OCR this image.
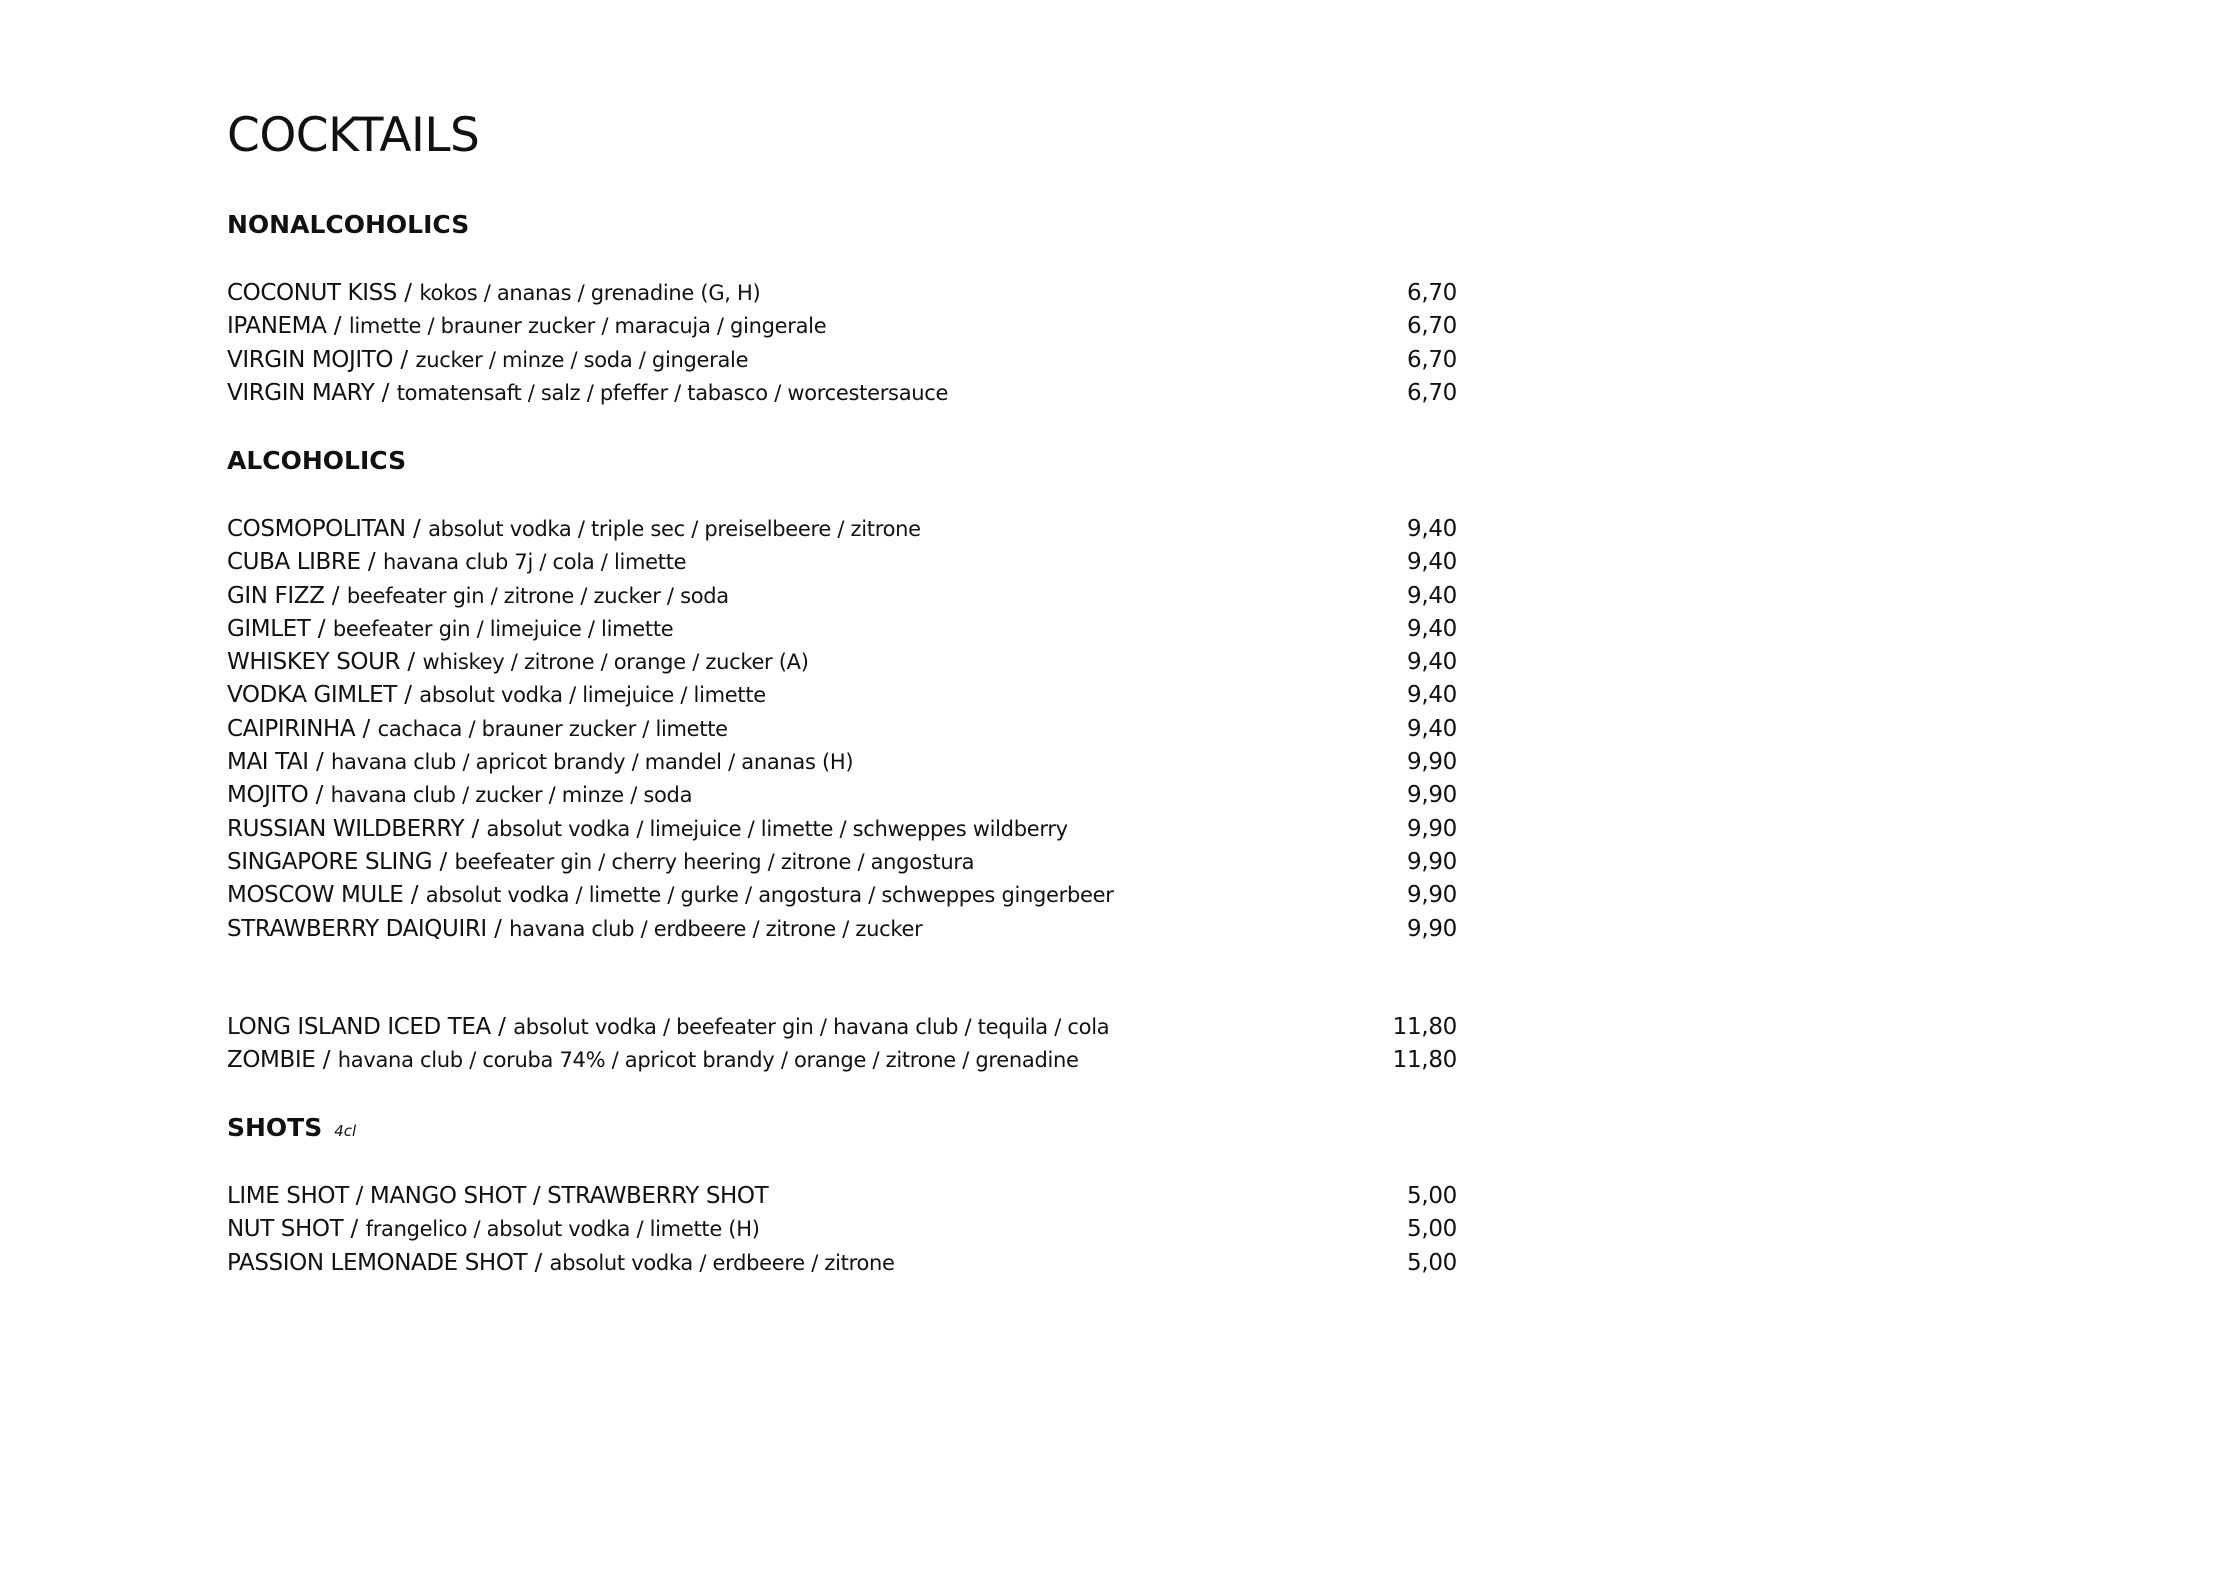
COCKTAILS
NONALCOHOLICS
COCONUT KISS / kokos / ananas / grenadine (G, H)	6,70
IPANEMA / limette / brauner zucker / maracuja / gingerale	6,70
VIRGIN MOJITO / zucker / minze / soda / gingerale	6,70
VIRGIN MARY / tomatensaft / salz / pfeffer / tabasco / worcestersauce	6,70
ALCOHOLICS
COSMOPOLITAN / absolut vodka / triple sec / preiselbeere / zitrone	9,40
CUBA LIBRE / havana club 7j / cola / limette	9,40
GIN FIZZ / beefeater gin / zitrone / zucker / soda	9,40
GIMLET / beefeater gin / limejuice / limette	9,40
WHISKEY SOUR / whiskey / zitrone / orange / zucker (A)	9,40
VODKA GIMLET / absolut vodka / limejuice / limette	9,40
CAIPIRINHA / cachaca / brauner zucker / limette	9,40
MAI TAI / havana club / apricot brandy / mandel / ananas (H)	9,90
MOJITO / havana club / zucker / minze / soda	9,90
RUSSIAN WILDBERRY / absolut vodka / limejuice / limette / schweppes wildberry	9,90
SINGAPORE SLING / beefeater gin / cherry heering / zitrone / angostura	9,90
MOSCOW MULE / absolut vodka / limette / gurke / angostura / schweppes gingerbeer	9,90
STRAWBERRY DAIQUIRI / havana club / erdbeere / zitrone / zucker	9,90
LONG ISLAND ICED TEA / absolut vodka / beefeater gin / havana club / tequila / cola	11,80
ZOMBIE / havana club / coruba 74% / apricot brandy / orange / zitrone / grenadine	11,80
SHOTS 4cl
LIME SHOT / MANGO SHOT / STRAWBERRY SHOT	5,00
NUT SHOT / frangelico / absolut vodka / limette (H)	5,00
PASSION LEMONADE SHOT / absolut vodka / erdbeere / zitrone	5,00
